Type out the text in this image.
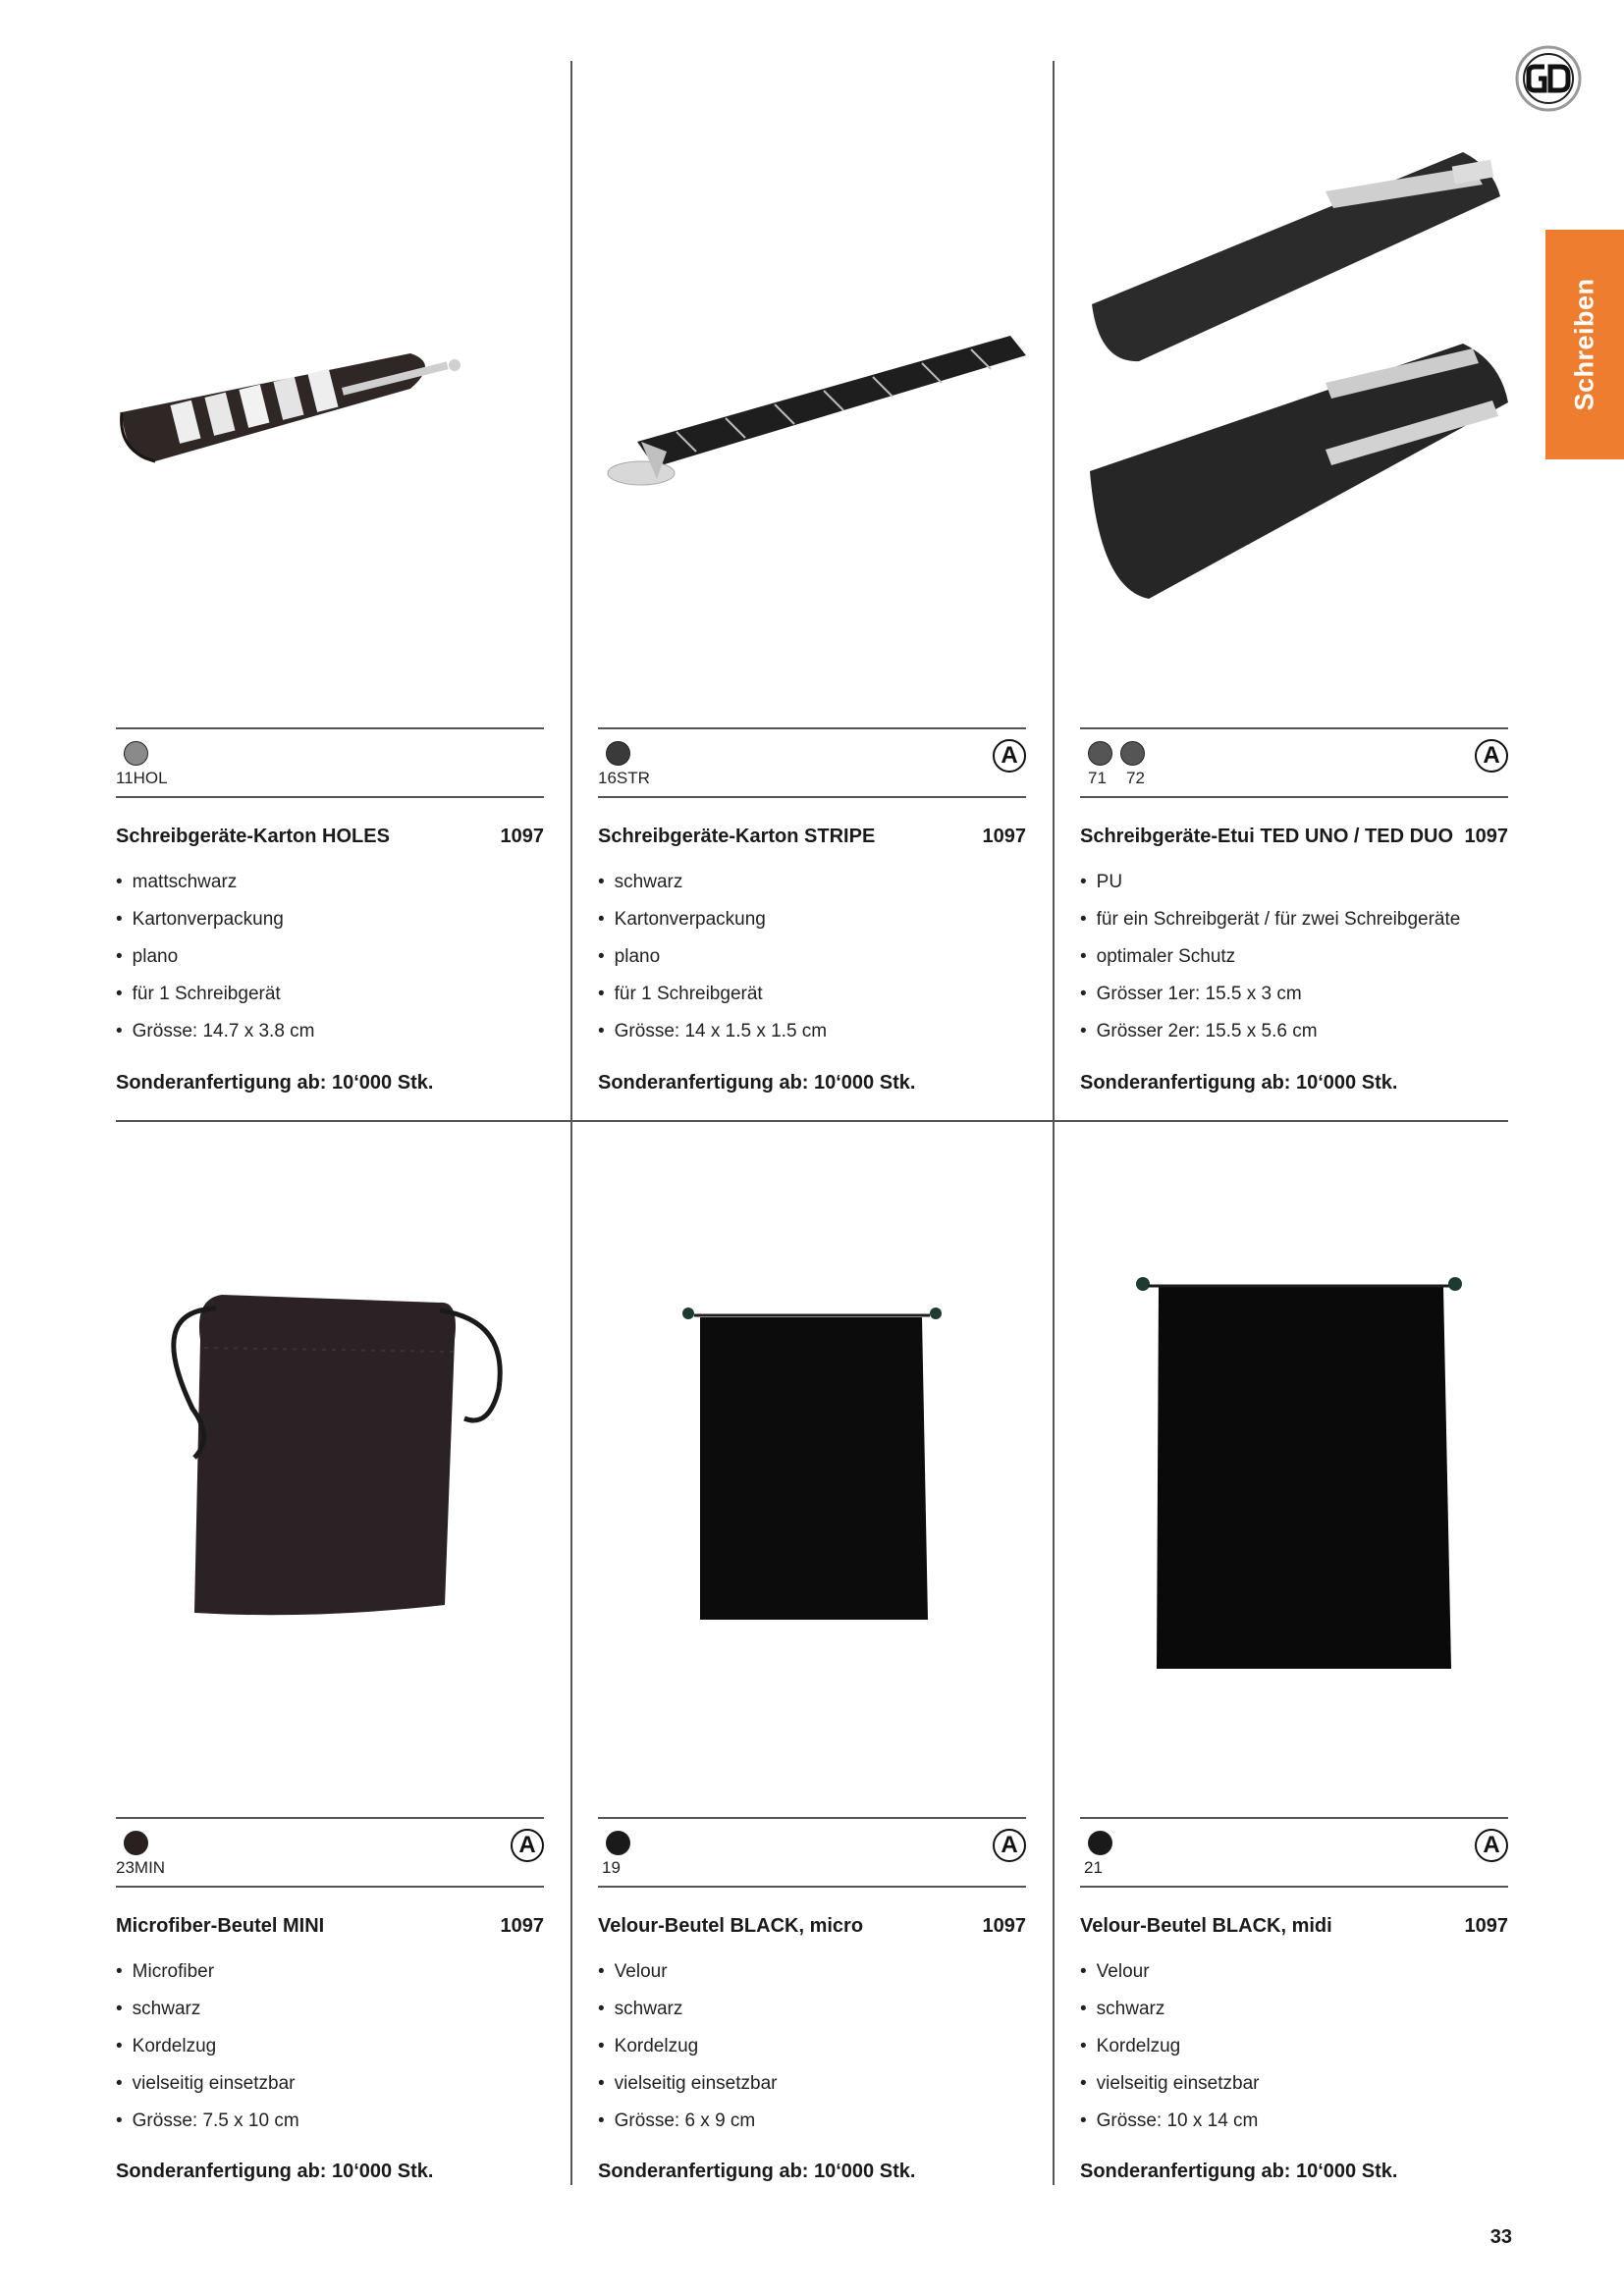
Schreiben
11HOL
Schreibgeräte-Karton HOLES	1097
• mattschwarz
• Kartonverpackung
• plano
• für 1 Schreibgerät
• Grösse: 14.7 x 3.8 cm
Sonderanfertigung ab: 10‘000 Stk.
16STR
A
Schreibgeräte-Karton STRIPE	1097
• schwarz
• Kartonverpackung
• plano
• für 1 Schreibgerät
• Grösse: 14 x 1.5 x 1.5 cm
Sonderanfertigung ab: 10‘000 Stk.
71	72
A
Schreibgeräte-Etui TED UNO / TED DUO 1097
• PU
• für ein Schreibgerät / für zwei Schreibgeräte
• optimaler Schutz
• Grösser 1er: 15.5 x 3 cm
• Grösser 2er: 15.5 x 5.6 cm
Sonderanfertigung ab: 10‘000 Stk.
23MIN
A
Microfiber-Beutel MINI	1097
• Microfiber
• schwarz
• Kordelzug
• vielseitig einsetzbar
• Grösse: 7.5 x 10 cm
Sonderanfertigung ab: 10‘000 Stk.
19
A
Velour-Beutel BLACK, micro	1097
• Velour
• schwarz
• Kordelzug
• vielseitig einsetzbar
• Grösse: 6 x 9 cm
Sonderanfertigung ab: 10‘000 Stk.
21
A
Velour-Beutel BLACK, midi	1097
• Velour
• schwarz
• Kordelzug
• vielseitig einsetzbar
• Grösse: 10 x 14 cm
Sonderanfertigung ab: 10‘000 Stk.
33
